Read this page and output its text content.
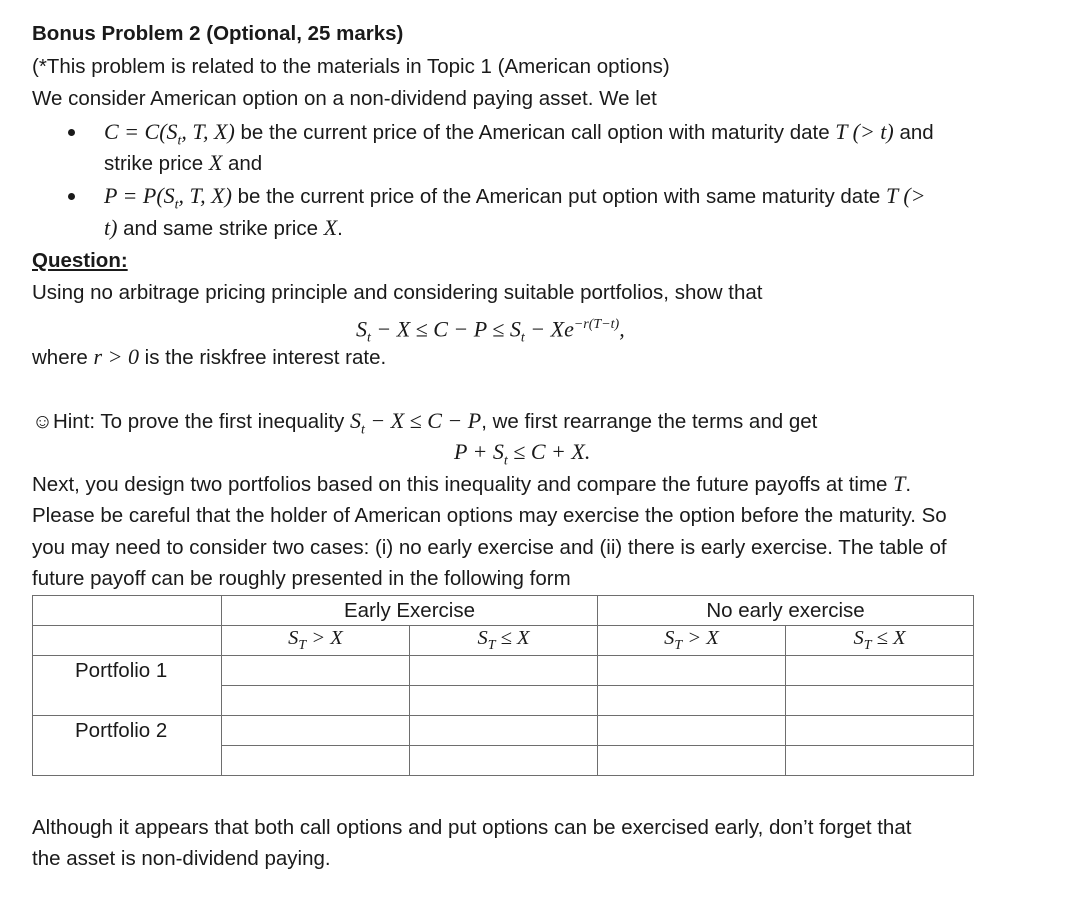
Bonus Problem 2 (Optional, 25 marks)
(*This problem is related to the materials in Topic 1 (American options)
We consider American option on a non-dividend paying asset. We let
$C = C(S_t$, T, X) be the current price of the American call option with maturity date T (> t) and
strike price X and
$P = P(S_t$, T, X) be the current price of the American put option with same maturity date T (>
t) and same strike price X.
Question:
Using no arbitrage pricing principle and considering suitable portfolios, show that
$S_t - X \le C - P \le S_t - Xe^{-r(T-t)}$,
where r > 0 is the riskfree interest rate.
☺Hint: To prove the first inequality $S_t - X \le C - P$, we first rearrange the terms and get
$P + S_t \le C + X$.
Next, you design two portfolios based on this inequality and compare the future payoffs at time T.
Please be careful that the holder of American options may exercise the option before the maturity. So
you may need to consider two cases: (i) no early exercise and (ii) there is early exercise. The table of
future payoff can be roughly presented in the following form
	Early Exercise		No early exercise	
	$S_T > X$	$S_T \le X$	$S_T > X$	$S_T \le X$
Portfolio 1				

Portfolio 2				

Although it appears that both call options and put options can be exercised early, don’t forget that
the asset is non-dividend paying.
